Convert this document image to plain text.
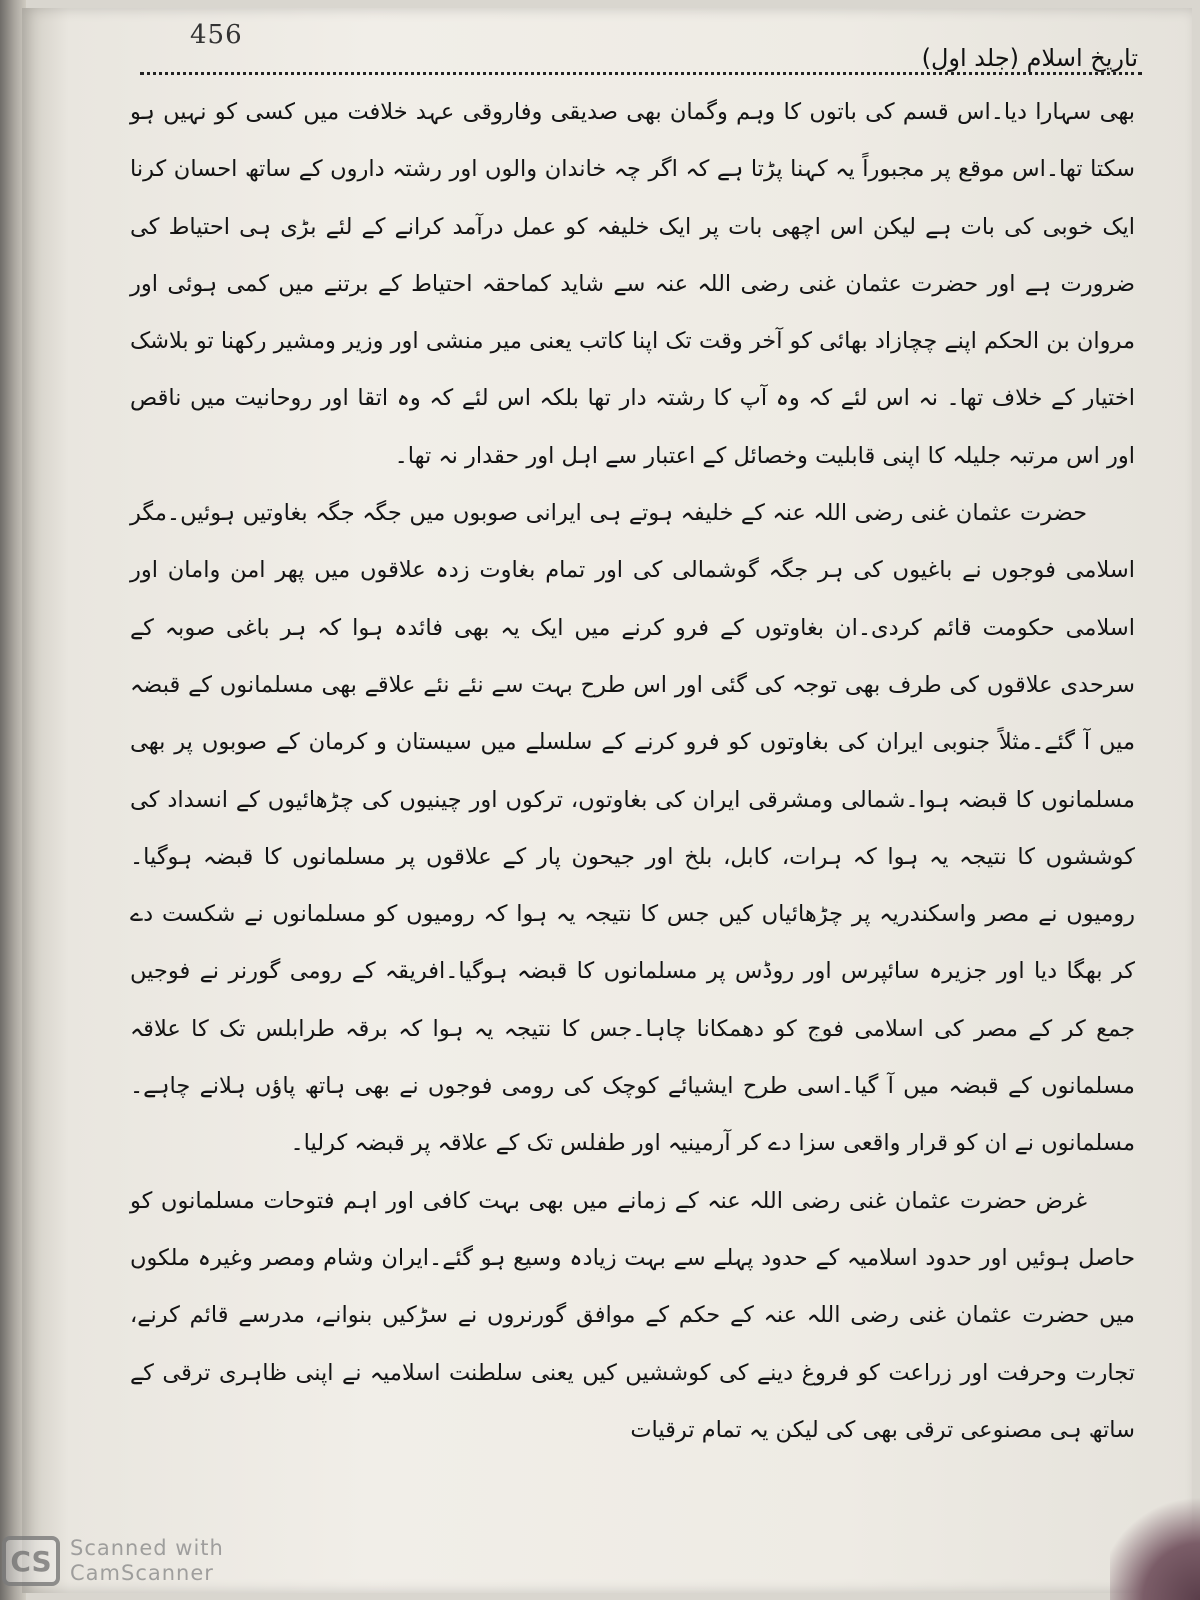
456
تاریخ اسلام (جلد اول)

بھی سہارا دیا۔اس قسم کی باتوں کا وہم وگمان بھی صدیقی وفاروقی عہد خلافت میں کسی کو نہیں ہو سکتا تھا۔اس موقع پر مجبوراً یہ کہنا پڑتا ہے کہ اگر چہ خاندان والوں اور رشتہ داروں کے ساتھ احسان کرنا ایک خوبی کی بات ہے لیکن اس اچھی بات پر ایک خلیفہ کو عمل درآمد کرانے کے لئے بڑی ہی احتیاط کی ضرورت ہے اور حضرت عثمان غنی رضی اللہ عنہ سے شاید کماحقہ احتیاط کے برتنے میں کمی ہوئی اور مروان بن الحکم اپنے چچازاد بھائی کو آخر وقت تک اپنا کاتب یعنی میر منشی اور وزیر ومشیر رکھنا تو بلاشک اختیار کے خلاف تھا۔ نہ اس لئے کہ وہ آپ کا رشتہ دار تھا بلکہ اس لئے کہ وہ اتقا اور روحانیت میں ناقص اور اس مرتبہ جلیلہ کا اپنی قابلیت وخصائل کے اعتبار سے اہل اور حقدار نہ تھا۔

حضرت عثمان غنی رضی اللہ عنہ کے خلیفہ ہوتے ہی ایرانی صوبوں میں جگہ جگہ بغاوتیں ہوئیں۔مگر اسلامی فوجوں نے باغیوں کی ہر جگہ گوشمالی کی اور تمام بغاوت زدہ علاقوں میں پھر امن وامان اور اسلامی حکومت قائم کردی۔ان بغاوتوں کے فرو کرنے میں ایک یہ بھی فائدہ ہوا کہ ہر باغی صوبہ کے سرحدی علاقوں کی طرف بھی توجہ کی گئی اور اس طرح بہت سے نئے نئے علاقے بھی مسلمانوں کے قبضہ میں آ گئے۔مثلاً جنوبی ایران کی بغاوتوں کو فرو کرنے کے سلسلے میں سیستان و کرمان کے صوبوں پر بھی مسلمانوں کا قبضہ ہوا۔شمالی ومشرقی ایران کی بغاوتوں، ترکوں اور چینیوں کی چڑھائیوں کے انسداد کی کوششوں کا نتیجہ یہ ہوا کہ ہرات، کابل، بلخ اور جیحون پار کے علاقوں پر مسلمانوں کا قبضہ ہوگیا۔رومیوں نے مصر واسکندریہ پر چڑھائیاں کیں جس کا نتیجہ یہ ہوا کہ رومیوں کو مسلمانوں نے شکست دے کر بھگا دیا اور جزیرہ سائپرس اور روڈس پر مسلمانوں کا قبضہ ہوگیا۔افریقہ کے رومی گورنر نے فوجیں جمع کر کے مصر کی اسلامی فوج کو دھمکانا چاہا۔جس کا نتیجہ یہ ہوا کہ برقہ طرابلس تک کا علاقہ مسلمانوں کے قبضہ میں آ گیا۔اسی طرح ایشیائے کوچک کی رومی فوجوں نے بھی ہاتھ پاؤں ہلانے چاہے۔مسلمانوں نے ان کو قرار واقعی سزا دے کر آرمینیہ اور طفلس تک کے علاقہ پر قبضہ کرلیا۔

غرض حضرت عثمان غنی رضی اللہ عنہ کے زمانے میں بھی بہت کافی اور اہم فتوحات مسلمانوں کو حاصل ہوئیں اور حدود اسلامیہ کے حدود پہلے سے بہت زیادہ وسیع ہو گئے۔ایران وشام ومصر وغیرہ ملکوں میں حضرت عثمان غنی رضی اللہ عنہ کے حکم کے موافق گورنروں نے سڑکیں بنوانے، مدرسے قائم کرنے، تجارت وحرفت اور زراعت کو فروغ دینے کی کوششیں کیں یعنی سلطنت اسلامیہ نے اپنی ظاہری ترقی کے ساتھ ہی مصنوعی ترقی بھی کی لیکن یہ تمام ترقیات

CS Scanned with
CamScanner
